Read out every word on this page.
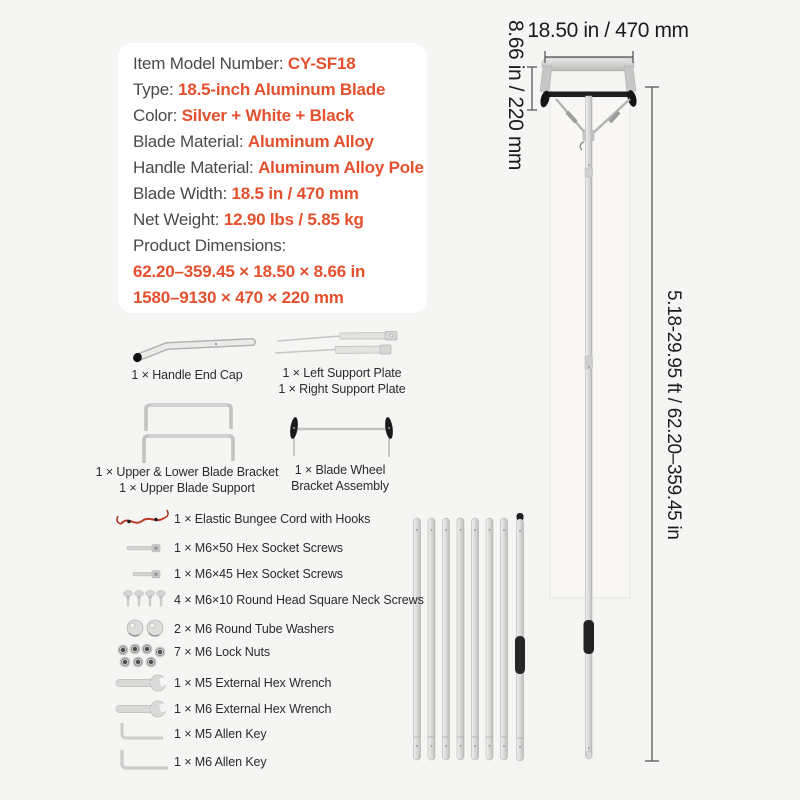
Item Model Number: CY-SF18
Type: 18.5-inch Aluminum Blade
Color: Silver + White + Black
Blade Material: Aluminum Alloy
Handle Material: Aluminum Alloy Pole
Blade Width: 18.5 in / 470 mm
Net Weight: 12.90 lbs / 5.85 kg
Product Dimensions:
62.20–359.45 × 18.50 × 8.66 in
1580–9130 × 470 × 220 mm
1 × Handle End Cap	1 × Left Support Plate
1 × Right Support Plate
1 × Upper & Lower Blade Bracket
1 × Upper Blade Support
1 × Blade Wheel
Bracket Assembly
1 × Elastic Bungee Cord with Hooks
1 × M6×50 Hex Socket Screws
1 × M6×45 Hex Socket Screws
4 × M6×10 Round Head Square Neck Screws
2 × M6 Round Tube Washers
7 × M6 Lock Nuts
1 × M5 External Hex Wrench
1 × M6 External Hex Wrench
1 × M5 Allen Key
1 × M6 Allen Key
18.50 in / 470 mm
8.66 in / 220 mm
5.18-29.95 ft / 62.20–359.45 in
